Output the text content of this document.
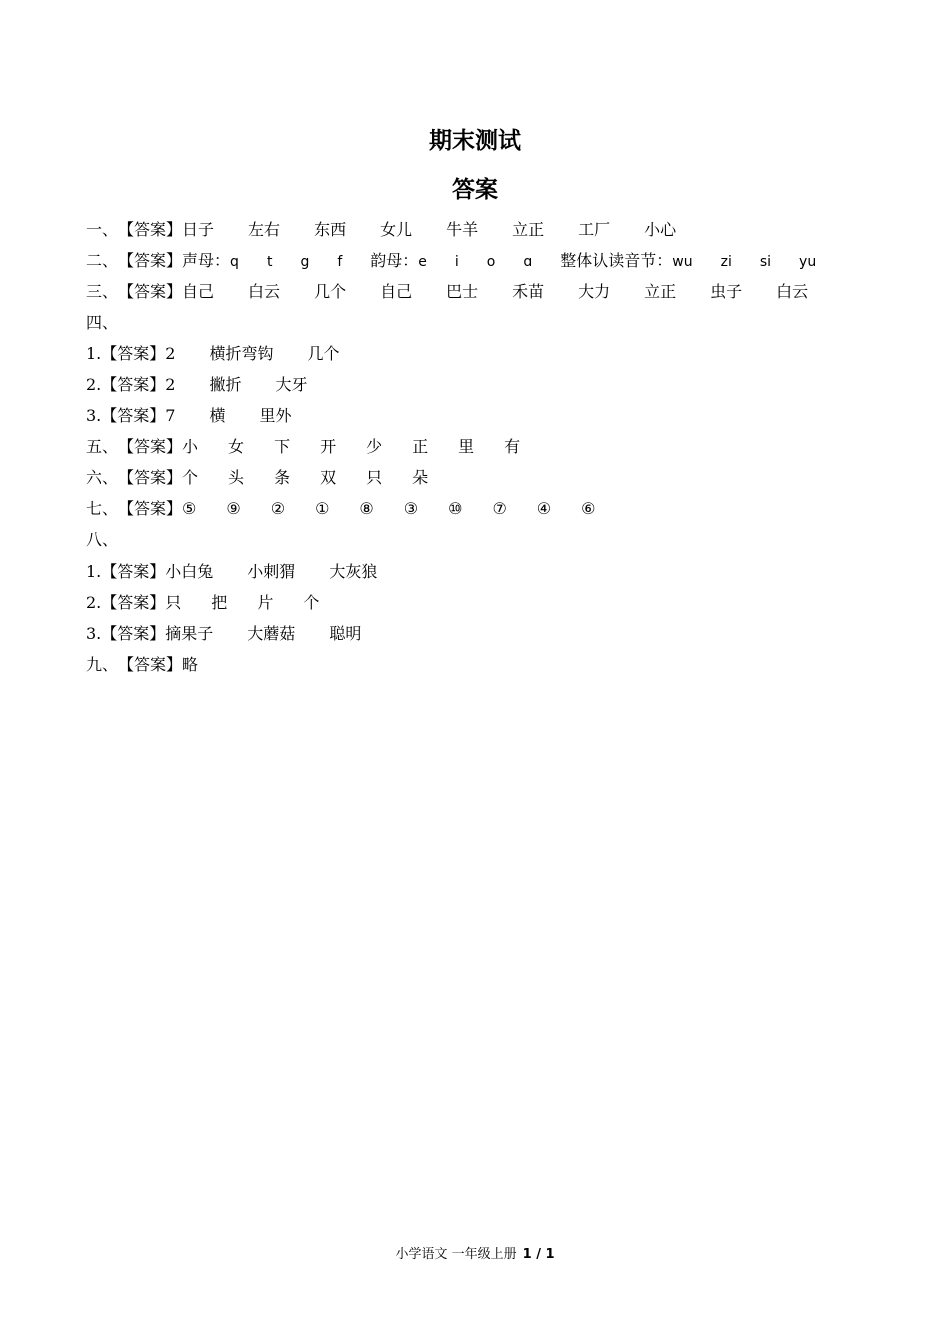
期末测试
答案
一、【答案】日子 左右 东西 女儿 牛羊 立正 工厂 小心
二、【答案】声母：q t g f 韵母：e i o ɑ 整体认读音节：wu zi si yu
三、【答案】自己 白云 几个 自己 巴士 禾苗 大力 立正 虫子 白云
四、
1.【答案】2 横折弯钩 几个
2.【答案】2 撇折 大牙
3.【答案】7 横 里外
五、【答案】小 女 下 开 少 正 里 有
六、【答案】个 头 条 双 只 朵
七、【答案】⑤ ⑨ ② ① ⑧ ③ ⑩ ⑦ ④ ⑥
八、
1.【答案】小白兔 小刺猬 大灰狼
2.【答案】只 把 片 个
3.【答案】摘果子 大蘑菇 聪明
九、【答案】略
小学语文 一年级上册 1 / 1
